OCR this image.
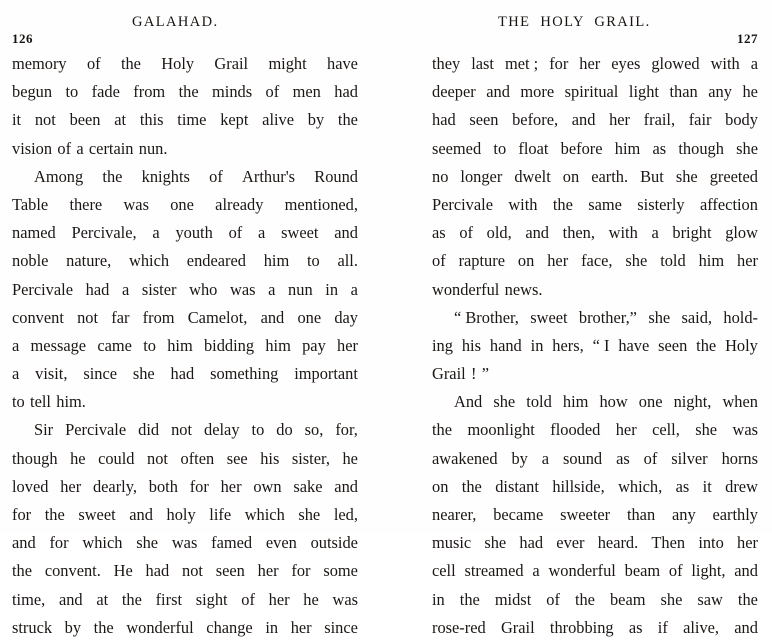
126
GALAHAD.
memory of the Holy Grail might have
begun to fade from the minds of men had
it not been at this time kept alive by the
vision of a certain nun.
Among the knights of Arthur's Round
Table there was one already mentioned,
named Percivale, a youth of a sweet and
noble nature, which endeared him to all.
Percivale had a sister who was a nun in a
convent not far from Camelot, and one day
a message came to him bidding him pay her
a visit, since she had something important
to tell him.
Sir Percivale did not delay to do so, for,
though he could not often see his sister, he
loved her dearly, both for her own sake and
for the sweet and holy life which she led,
and for which she was famed even outside
the convent. He had not seen her for some
time, and at the first sight of her he was
struck by the wonderful change in her since
THE HOLY GRAIL.
127
they last met ; for her eyes glowed with a
deeper and more spiritual light than any he
had seen before, and her frail, fair body
seemed to float before him as though she
no longer dwelt on earth. But she greeted
Percivale with the same sisterly affection
as of old, and then, with a bright glow
of rapture on her face, she told him her
wonderful news.
“ Brother, sweet brother,” she said, hold-
ing his hand in hers, “ I have seen the Holy
Grail ! ”
And she told him how one night, when
the moonlight flooded her cell, she was
awakened by a sound as of silver horns
on the distant hillside, which, as it drew
nearer, became sweeter than any earthly
music she had ever heard. Then into her
cell streamed a wonderful beam of light, and
in the midst of the beam she saw the
rose-red Grail throbbing as if alive, and
